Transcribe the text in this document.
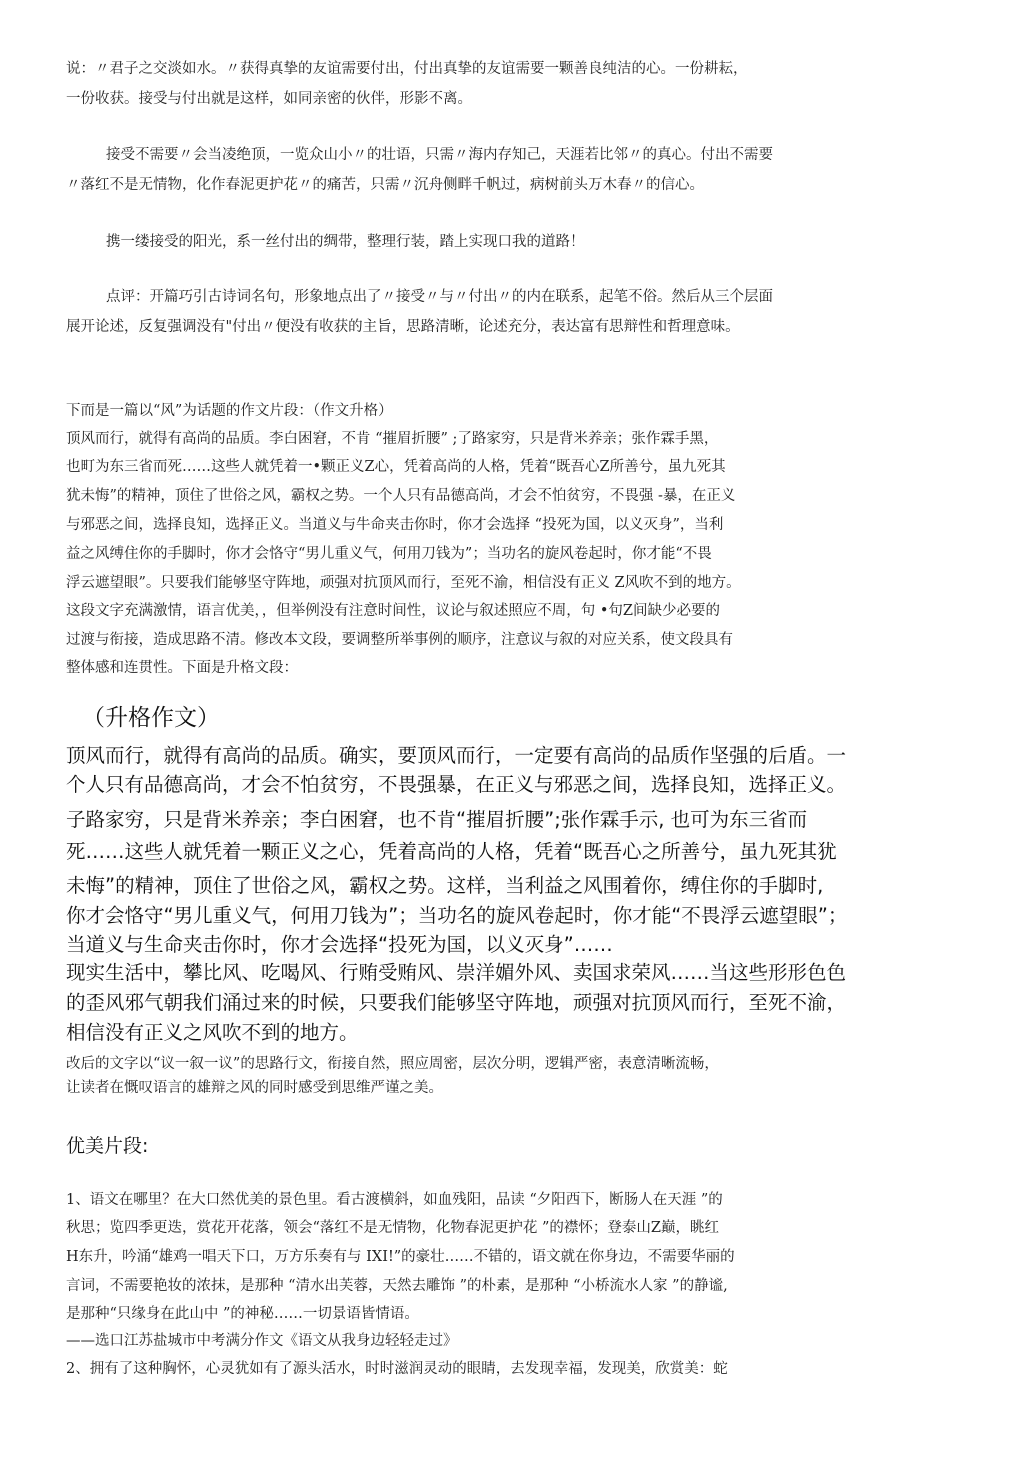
说：〃君子之交淡如水。〃获得真挚的友谊需要付出，付出真挚的友谊需要一颗善良纯洁的心。一份耕耘，
一份收获。接受与付出就是这样，如同亲密的伙伴，形影不离。
接受不需要〃会当凌绝顶，一览众山小〃的壮语，只需〃海内存知己，天涯若比邻〃的真心。付出不需要
〃落红不是无情物，化作春泥更护花〃的痛苦，只需〃沉舟侧畔千帆过，病树前头万木春〃的信心。
携一缕接受的阳光，系一丝付出的绸带，整理行装，踏上实现口我的道路！
点评：开篇巧引古诗词名句，形象地点出了〃接受〃与〃付出〃的内在联系，起笔不俗。然后从三个层面
展开论述，反复强调没有"付出〃便没有收获的主旨，思路清晰，论述充分，表达富有思辩性和哲理意味。
下而是一篇以“风”为话题的作文片段：（作文升格）
顶风而行，就得有高尚的品质。李白困窘，不肯 “摧眉折腰” ;了路家穷，只是背米养亲；张作霖手黑，
也町为东三省而死……这些人就凭着一•颗正义Z心，凭着高尚的人格，凭着“既吾心Z所善兮，虽九死其
犹未悔”的精神，顶住了世俗之风，霸权之势。一个人只有品德高尚，才会不怕贫穷，不畏强 -暴，在正义
与邪恶之间，选择良知，选择正义。当道义与牛命夹击你时，你才会选择 “投死为国，以义灭身”，当利
益之风缚住你的手脚时，你才会恪守“男儿重义气，何用刀钱为”；当功名的旋风卷起时，你才能“不畏
浮云遮望眼”。只要我们能够坚守阵地，顽强对抗顶风而行，至死不渝，相信没有正义 Z风吹不到的地方。
这段文字充满激情，语言优美，，但举例没有注意时间性，议论与叙述照应不周，句 •句Z间缺少必要的
过渡与衔接，造成思路不清。修改本文段，要调整所举事例的顺序，注意议与叙的对应关系，使文段具有
整体感和连贯性。下面是升格文段：
（升格作文）
顶风而行，就得有高尚的品质。确实，要顶风而行，一定要有高尚的品质作坚强的后盾。一
个人只有品德高尚，才会不怕贫穷，不畏强暴，在正义与邪恶之间，选择良知，选择正义。
子路家穷，只是背米养亲；李白困窘，也不肯“摧眉折腰”;张作霖手示, 也可为东三省而
死……这些人就凭着一颗正义之心，凭着高尚的人格，凭着“既吾心之所善兮，虽九死其犹
未悔”的精神，顶住了世俗之风，霸权之势。这样，当利益之风围着你，缚住你的手脚时,
你才会恪守“男儿重义气，何用刀钱为”；当功名的旋风卷起时，你才能“不畏浮云遮望眼”；
当道义与生命夹击你时，你才会选择“投死为国，以义灭身”……
现实生活中，攀比风、吃喝风、行贿受贿风、崇洋媚外风、卖国求荣风……当这些形形色色
的歪风邪气朝我们涌过来的时候，只要我们能够坚守阵地，顽强对抗顶风而行，至死不渝，
相信没有正义之风吹不到的地方。
改后的文字以“议一叙一议”的思路行文，衔接自然，照应周密，层次分明，逻辑严密，表意清晰流畅，
让读者在慨叹语言的雄辩之风的同时感受到思维严谨之美。
优美片段:
1、语文在哪里？在大口然优美的景色里。看古渡横斜，如血残阳，品读 “夕阳西下，断肠人在天涯 ”的
秋思；览四季更迭，赏花开花落，领会“落红不是无情物，化物春泥更护花 ”的襟怀；登泰山Z巅，眺红
H东升，吟涌“雄鸡一唱天下口，万方乐奏有与 IXI!”的豪壮……不错的，语文就在你身边，不需要华丽的
言词，不需要艳妆的浓抹，是那种 “清水出芙蓉，天然去雕饰 ”的朴素，是那种 “小桥流水人家 ”的静谧,
是那种“只缘身在此山中 ”的神秘……一切景语皆情语。
——选口江苏盐城市中考满分作文《语文从我身边轻轻走过》
2、拥有了这种胸怀，心灵犹如有了源头活水，时时滋润灵动的眼睛，去发现幸福，发现美，欣赏美：蛇
